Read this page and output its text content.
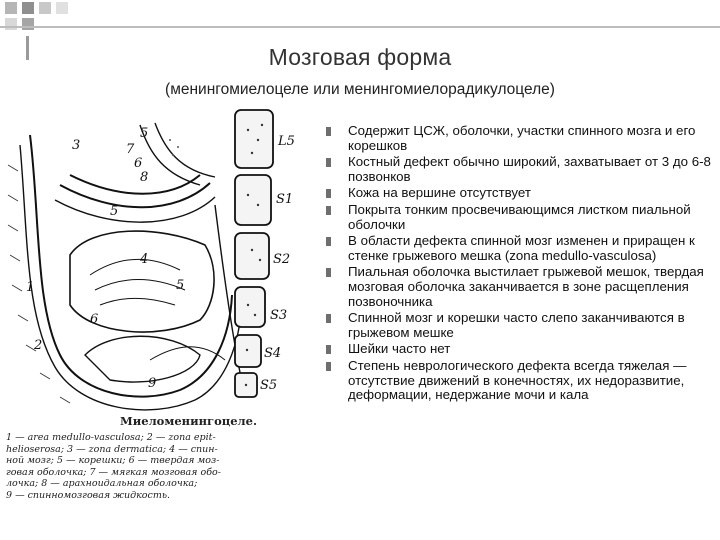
Мозговая форма
(менингомиелоцеле или менингомиелорадикулоцеле)
3
5
7
6
8
5
4
5
6
1
2
9
L5
S1
S2
S3
S4
S5
Миеломенингоцеле.
1 — area medullo-vasculosa; 2 — zona epit-
helioserosa; 3 — zona dermatica; 4 — спин-
ной мозг; 5 — корешки; 6 — твердая моз-
говая оболочка; 7 — мягкая мозговая обо-
лочка; 8 — арахноидальная оболочка;
9 — спинномозговая жидкость.
Содержит ЦСЖ, оболочки, участки спинного мозга и его корешков
Костный дефект обычно широкий, захватывает от 3 до 6-8 позвонков
Кожа на вершине отсутствует
Покрыта тонким просвечивающимся листком пиальной оболочки
В области дефекта спинной мозг изменен и приращен к стенке грыжевого мешка (zona medullo-vasculosa)
Пиальная оболочка выстилает грыжевой мешок, твердая мозговая оболочка заканчивается в зоне расщепления позвоночника
Спинной мозг и корешки часто слепо заканчиваются в грыжевом мешке
Шейки часто нет
Степень неврологического дефекта всегда тяжелая — отсутствие движений в конечностях, их недоразвитие, деформации, недержание мочи и кала
